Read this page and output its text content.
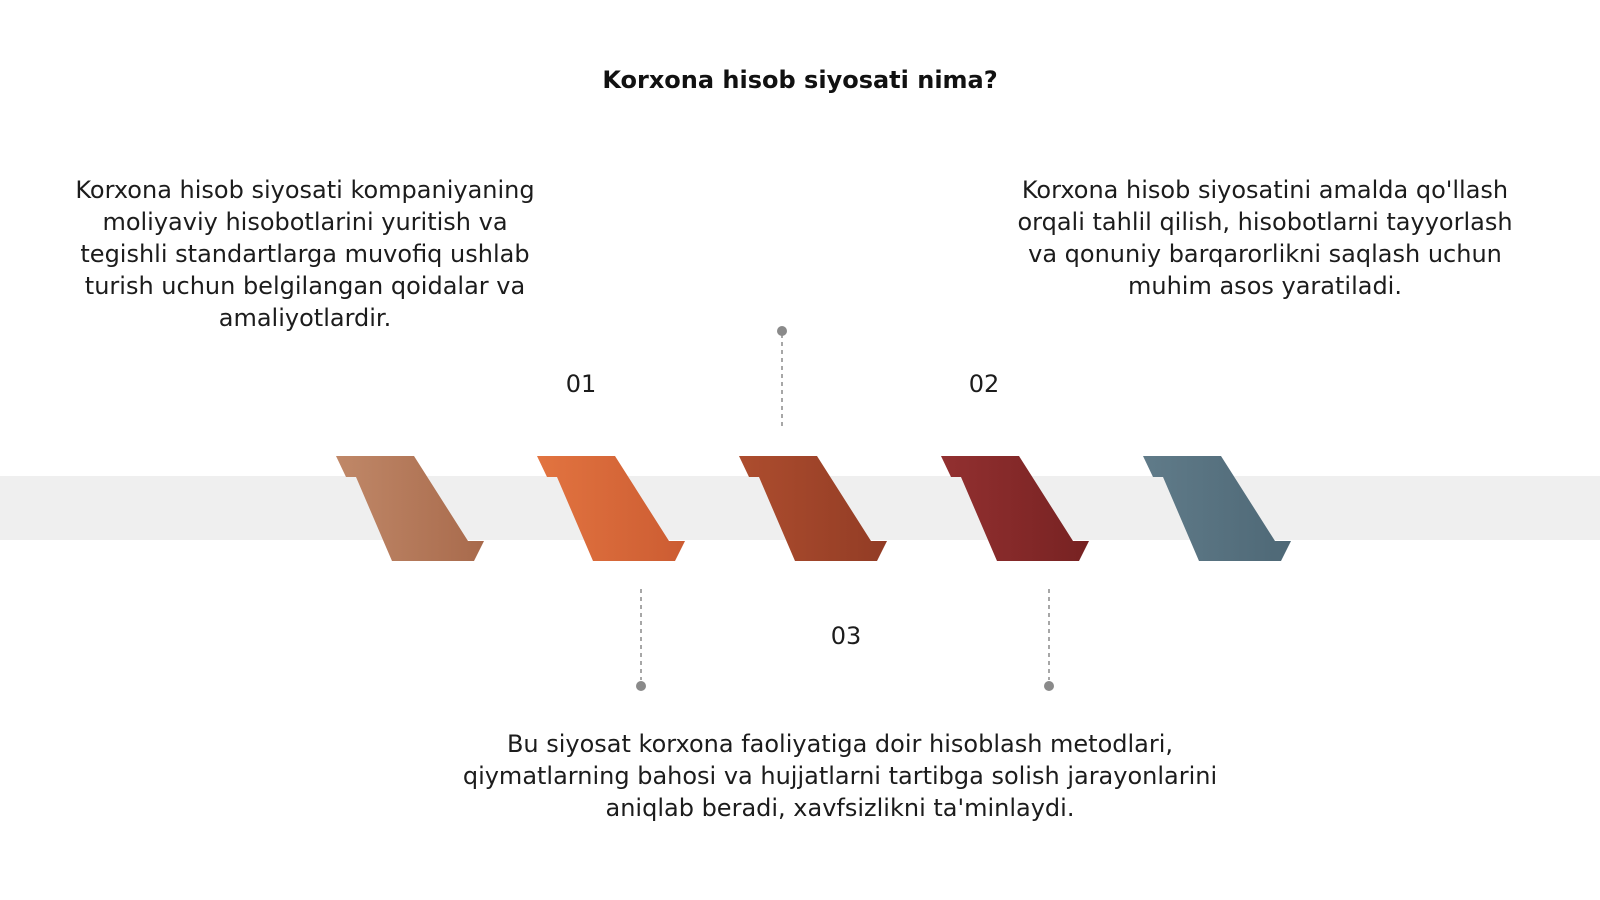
Korxona hisob siyosati nima?
Korxona hisob siyosati kompaniyaning moliyaviy hisobotlarini yuritish va tegishli standartlarga muvofiq ushlab turish uchun belgilangan qoidalar va amaliyotlardir.
Korxona hisob siyosatini amalda qo'llash orqali tahlil qilish, hisobotlarni tayyorlash va qonuniy barqarorlikni saqlash uchun muhim asos yaratiladi.
Bu siyosat korxona faoliyatiga doir hisoblash metodlari, qiymatlarning bahosi va hujjatlarni tartibga solish jarayonlarini aniqlab beradi, xavfsizlikni ta'minlaydi.
01	02
03
